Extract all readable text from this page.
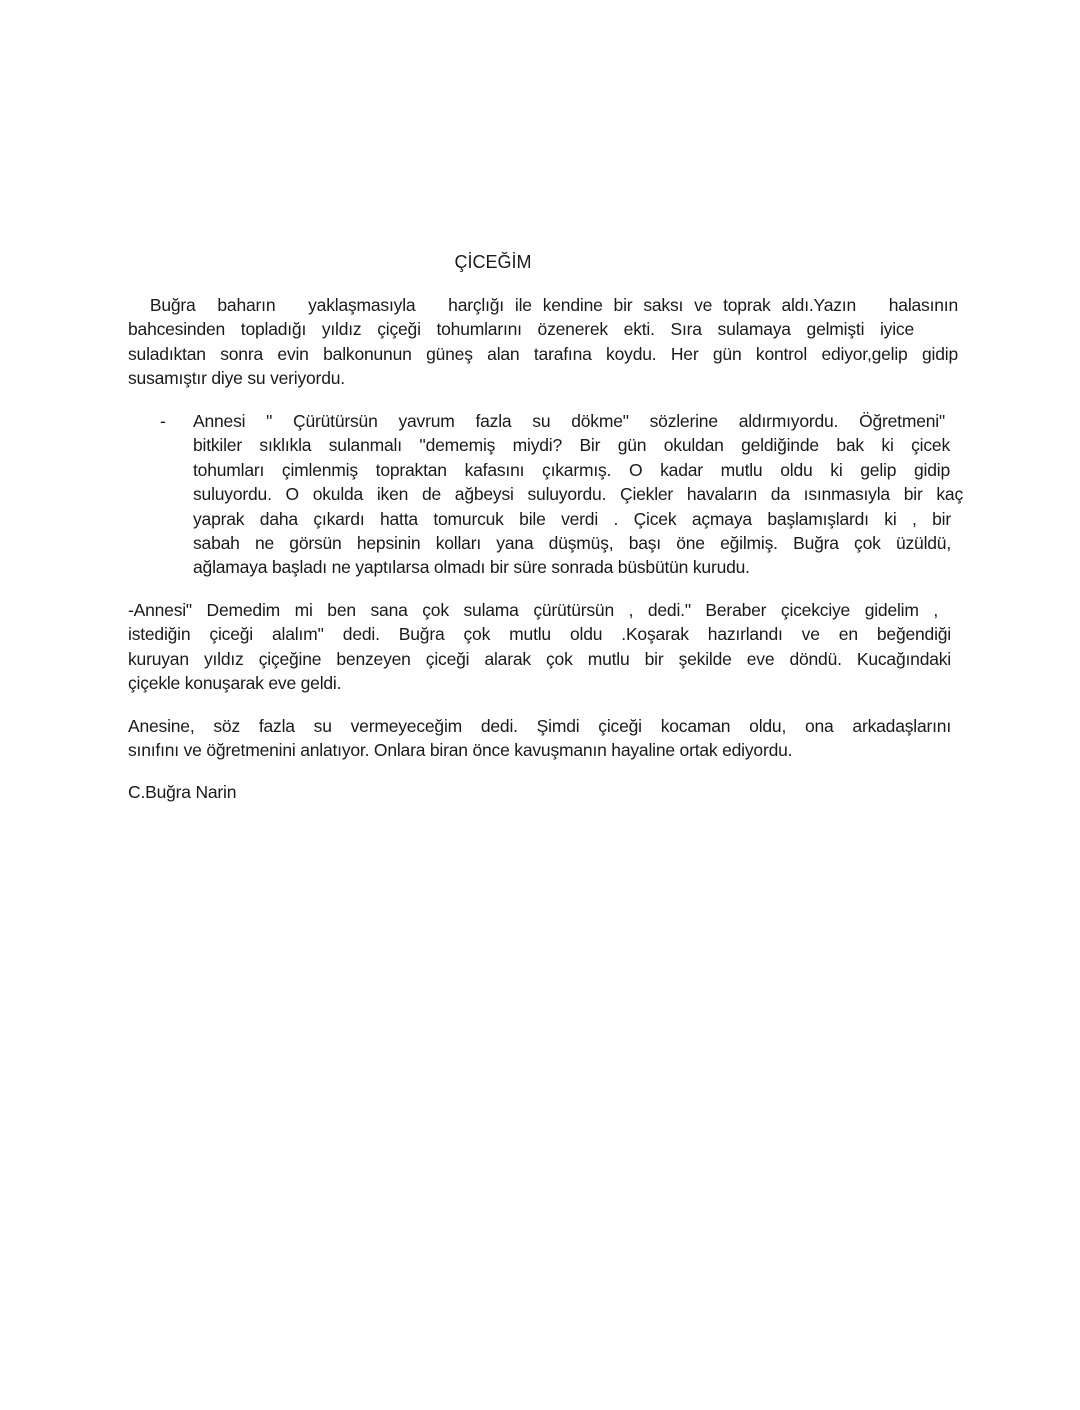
ÇİCEĞİM
Buğra  baharın   yaklaşmasıyla   harçlığı ile kendine bir saksı ve toprak aldı.Yazın   halasının
bahcesinden topladığı yıldız çiçeği tohumlarını özenerek ekti. Sıra sulamaya gelmişti iyice
suladıktan sonra evin balkonunun güneş alan tarafına koydu. Her gün kontrol ediyor,gelip gidip
susamıştır diye su veriyordu.
- Annesi " Çürütürsün yavrum fazla su dökme" sözlerine aldırmıyordu. Öğretmeni"
bitkiler sıklıkla sulanmalı ''dememiş miydi? Bir gün okuldan geldiğinde bak ki çicek
tohumları çimlenmiş topraktan kafasını çıkarmış. O kadar mutlu oldu ki gelip gidip
suluyordu. O okulda iken de ağbeysi suluyordu. Çiekler havaların da ısınmasıyla bir kaç
yaprak daha çıkardı hatta tomurcuk bile verdi . Çicek açmaya başlamışlardı ki , bir
sabah ne görsün hepsinin kolları yana düşmüş, başı öne eğilmiş. Buğra çok üzüldü,
ağlamaya başladı ne yaptılarsa olmadı bir süre sonrada büsbütün kurudu.
-Annesi" Demedim mi ben sana çok sulama çürütürsün , dedi." Beraber çicekciye gidelim ,
istediğin çiceği alalım'' dedi. Buğra çok mutlu oldu .Koşarak hazırlandı ve en beğendiği
kuruyan yıldız çiçeğine benzeyen çiceği alarak çok mutlu bir şekilde eve döndü. Kucağındaki
çiçekle konuşarak eve geldi.
Anesine, söz fazla su vermeyeceğim dedi. Şimdi çiceği kocaman oldu, ona arkadaşlarını
sınıfını ve öğretmenini anlatıyor. Onlara biran önce kavuşmanın hayaline ortak ediyordu.
C.Buğra Narin
